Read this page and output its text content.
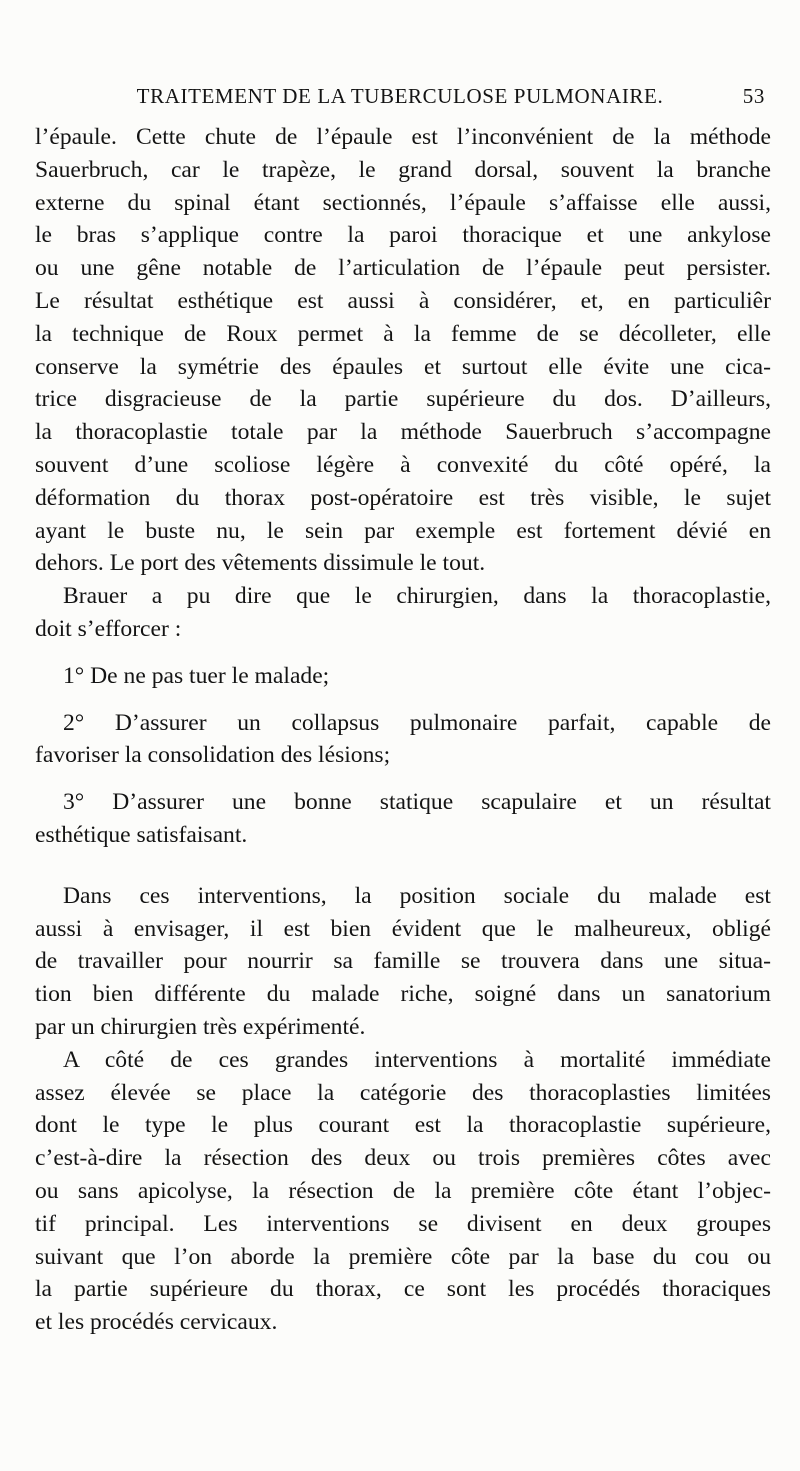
TRAITEMENT DE LA TUBERCULOSE PULMONAIRE.	53

l’épaule. Cette chute de l’épaule est l’inconvénient de la méthode

Sauerbruch, car le trapèze, le grand dorsal, souvent la branche

externe du spinal étant sectionnés, l’épaule s’affaisse elle aussi,

le bras s’applique contre la paroi thoracique et une ankylose

ou une gêne notable de l’articulation de l’épaule peut persister.

Le résultat esthétique est aussi à considérer, et, en particuliêr

la technique de Roux permet à la femme de se décolleter, elle

conserve la symétrie des épaules et surtout elle évite une cica-

trice disgracieuse de la partie supérieure du dos. D’ailleurs,

la thoracoplastie totale par la méthode Sauerbruch s’accompagne

souvent d’une scoliose légère à convexité du côté opéré, la

déformation du thorax post-opératoire est très visible, le sujet

ayant le buste nu, le sein par exemple est fortement dévié en

dehors. Le port des vêtements dissimule le tout.

Brauer a pu dire que le chirurgien, dans la thoracoplastie,

doit s’efforcer :

1° De ne pas tuer le malade;

2° D’assurer un collapsus pulmonaire parfait, capable de

favoriser la consolidation des lésions;

3° D’assurer une bonne statique scapulaire et un résultat

esthétique satisfaisant.

Dans ces interventions, la position sociale du malade est

aussi à envisager, il est bien évident que le malheureux, obligé

de travailler pour nourrir sa famille se trouvera dans une situa-

tion bien différente du malade riche, soigné dans un sanatorium

par un chirurgien très expérimenté.

A côté de ces grandes interventions à mortalité immédiate

assez élevée se place la catégorie des thoracoplasties limitées

dont le type le plus courant est la thoracoplastie supérieure,

c’est-à-dire la résection des deux ou trois premières côtes avec

ou sans apicolyse, la résection de la première côte étant l’objec-

tif principal. Les interventions se divisent en deux groupes

suivant que l’on aborde la première côte par la base du cou ou

la partie supérieure du thorax, ce sont les procédés thoraciques

et les procédés cervicaux.
